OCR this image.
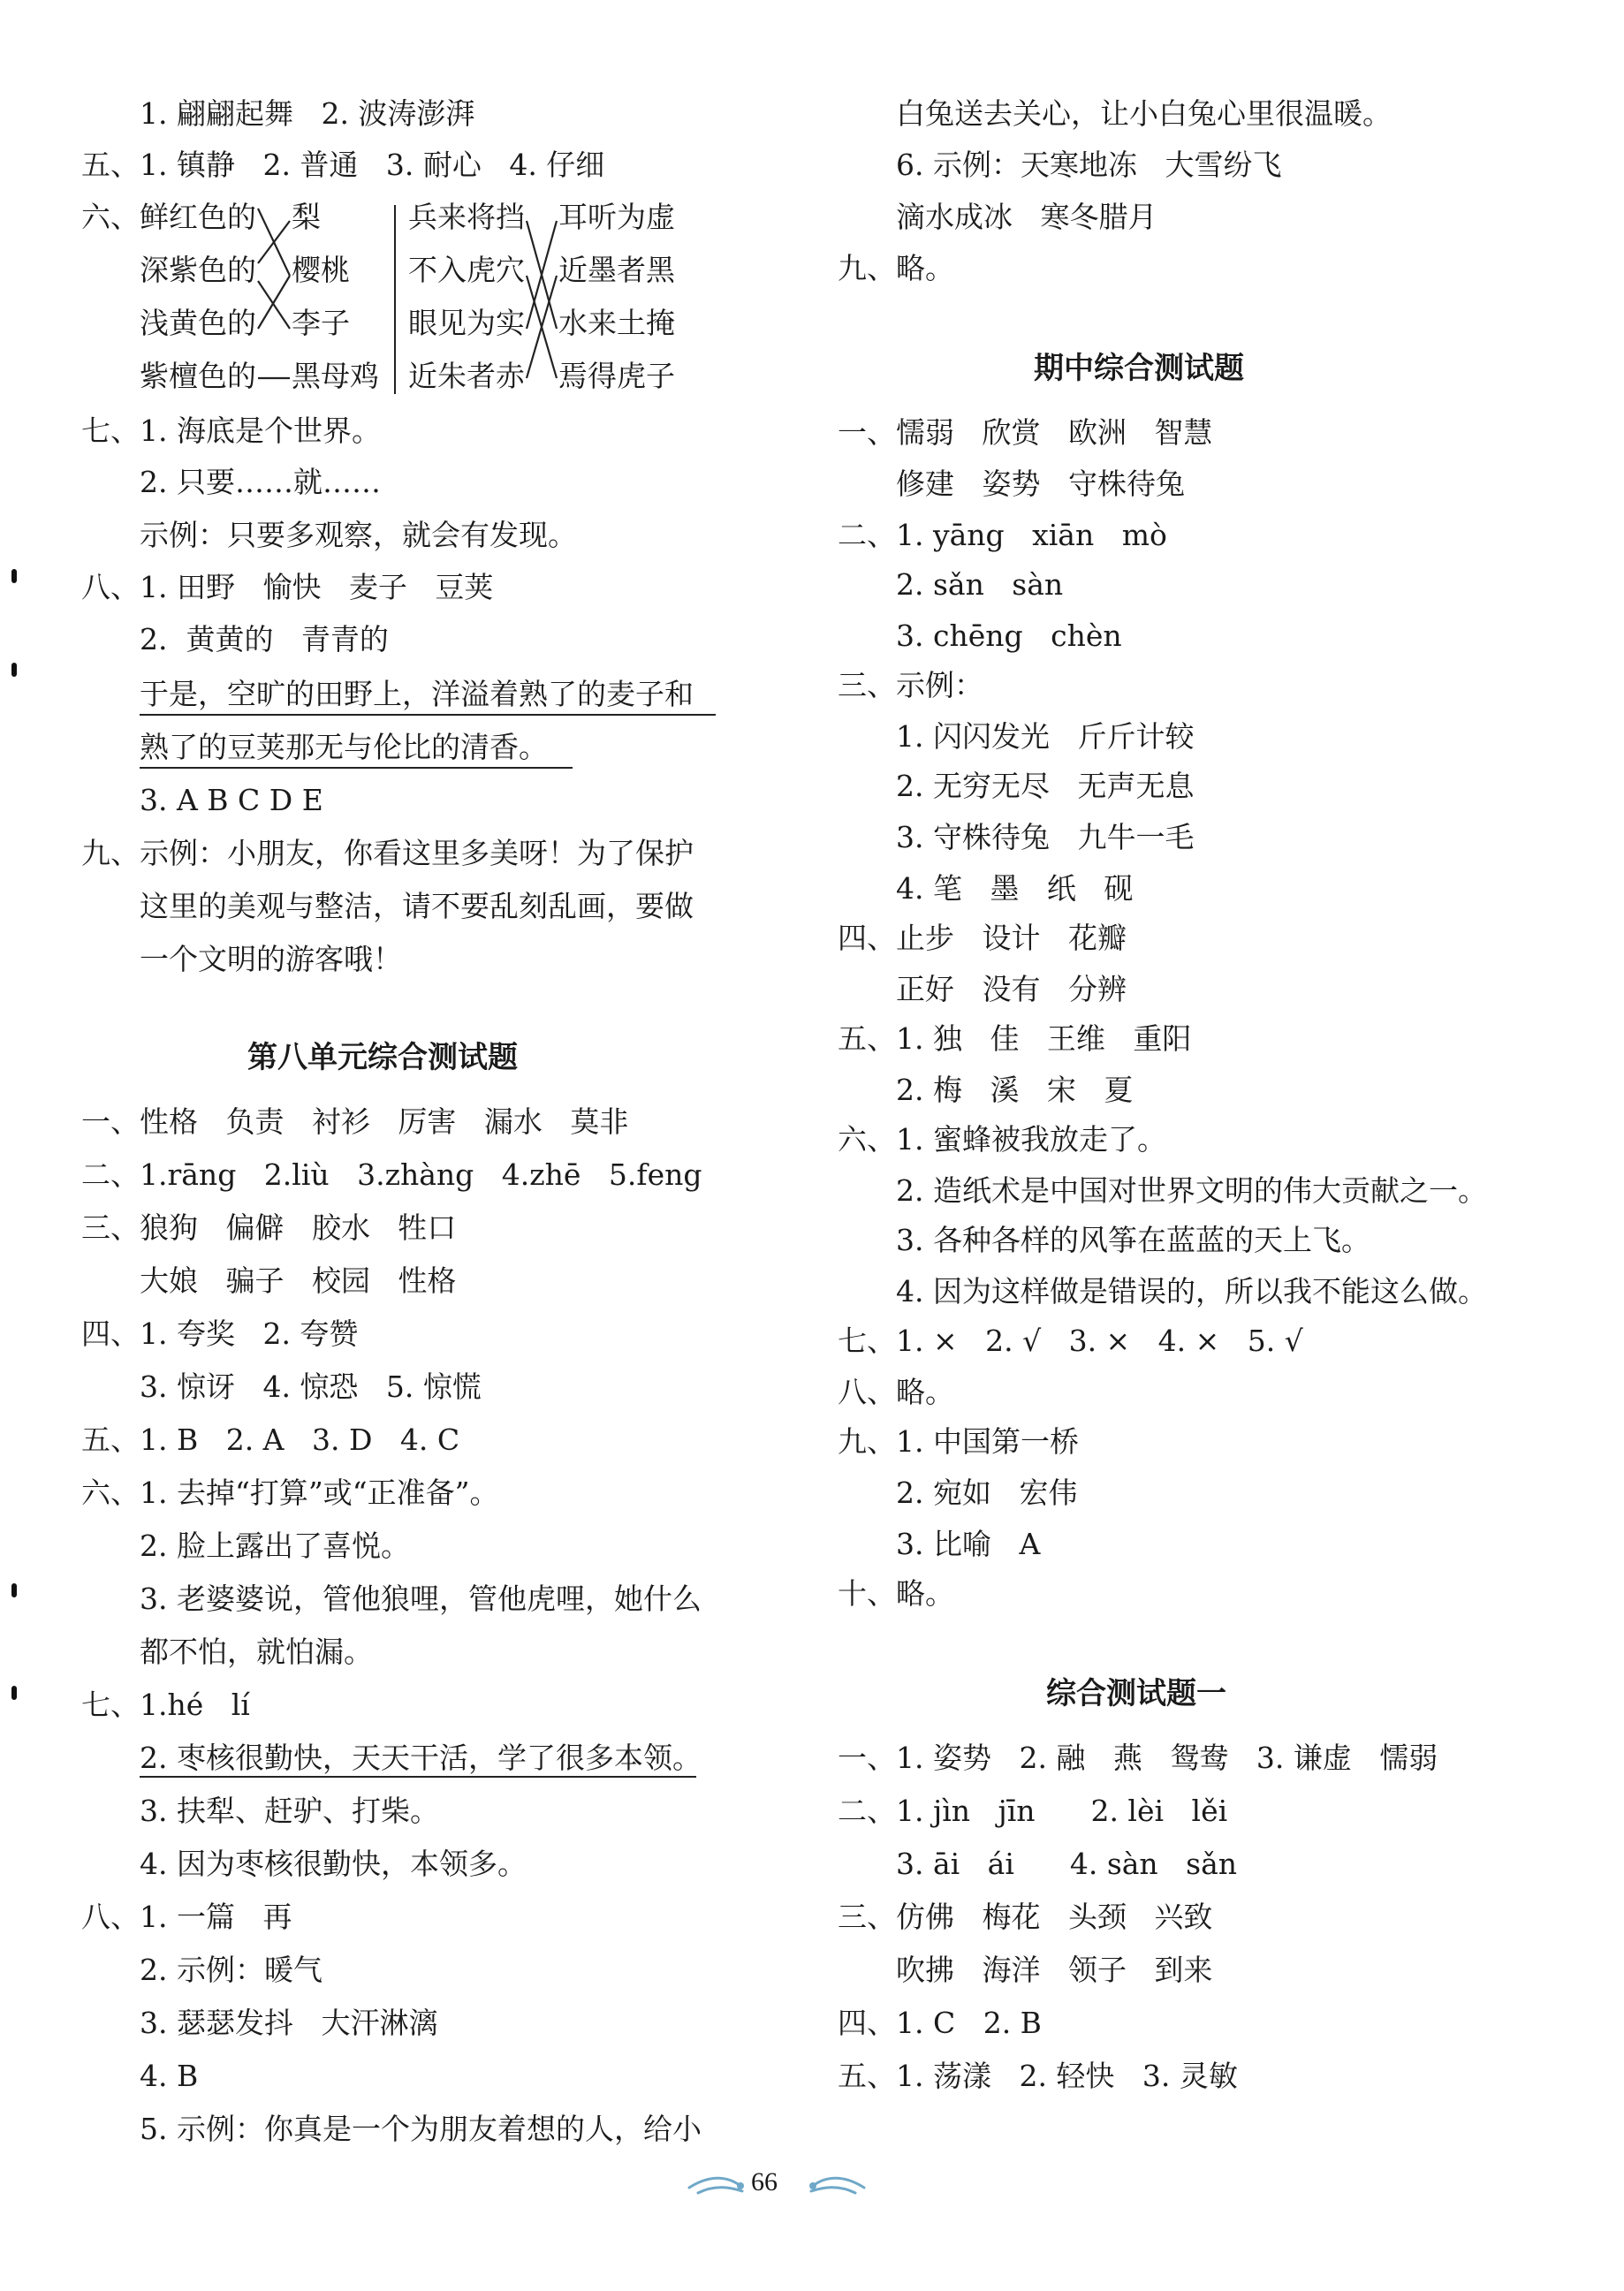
1. 翩翩起舞   2. 波涛澎湃
五、1. 镇静   2. 普通   3. 耐心   4. 仔细
六、 鲜红色的
深紫色的
浅黄色的
紫檀色的
梨
樱桃
李子
黑母鸡
兵来将挡
不入虎穴
眼见为实
近朱者赤
耳听为虚
近墨者黑
水来土掩
焉得虎子
七、1. 海底是个世界。
2. 只要……就……
示例：只要多观察，就会有发现。
八、1. 田野   愉快   麦子   豆荚
2.  黄黄的   青青的
于是，空旷的田野上，洋溢着熟了的麦子和
熟了的豆荚那无与伦比的清香。
3. A B C D E
九、示例：小朋友，你看这里多美呀！为了保护
这里的美观与整洁，请不要乱刻乱画，要做
一个文明的游客哦！
第八单元综合测试题
一、性格   负责   衬衫   厉害   漏水   莫非
二、1.rāng   2.liù   3.zhàng   4.zhē   5.feng
三、狼狗   偏僻   胶水   牲口
大娘   骗子   校园   性格
四、1. 夸奖   2. 夸赞
3. 惊讶   4. 惊恐   5. 惊慌
五、1. B   2. A   3. D   4. C
六、1. 去掉“打算”或“正准备”。
2. 脸上露出了喜悦。
3. 老婆婆说，管他狼哩，管他虎哩，她什么
都不怕，就怕漏。
七、1.hé   lí
2. 枣核很勤快，天天干活，学了很多本领。
3. 扶犁、赶驴、打柴。
4. 因为枣核很勤快，本领多。
八、1. 一篇   再
2. 示例：暖气
3. 瑟瑟发抖   大汗淋漓
4. B
5. 示例：你真是一个为朋友着想的人，给小
白兔送去关心，让小白兔心里很温暖。
6. 示例：天寒地冻   大雪纷飞
滴水成冰   寒冬腊月
九、略。
期中综合测试题
一、懦弱   欣赏   欧洲   智慧
修建   姿势   守株待兔
二、1. yāng   xiān   mò
2. sǎn   sàn
3. chēng   chèn
三、示例：
1. 闪闪发光   斤斤计较
2. 无穷无尽   无声无息
3. 守株待兔   九牛一毛
4. 笔   墨   纸   砚
四、止步   设计   花瓣
正好   没有   分辨
五、1. 独   佳   王维   重阳
2. 梅   溪   宋   夏
六、1. 蜜蜂被我放走了。
2. 造纸术是中国对世界文明的伟大贡献之一。
3. 各种各样的风筝在蓝蓝的天上飞。
4. 因为这样做是错误的，所以我不能这么做。
七、1. ×   2. √   3. ×   4. ×   5. √
八、略。
九、1. 中国第一桥
2. 宛如   宏伟
3. 比喻   A
十、略。
综合测试题一
一、1. 姿势   2. 融   燕   鸳鸯   3. 谦虚   懦弱
二、1. jìn   jīn      2. lèi   lěi
3. āi   ái      4. sàn   sǎn
三、仿佛   梅花   头颈   兴致
吹拂   海洋   领子   到来
四、1. C   2. B
五、1. 荡漾   2. 轻快   3. 灵敏
66
